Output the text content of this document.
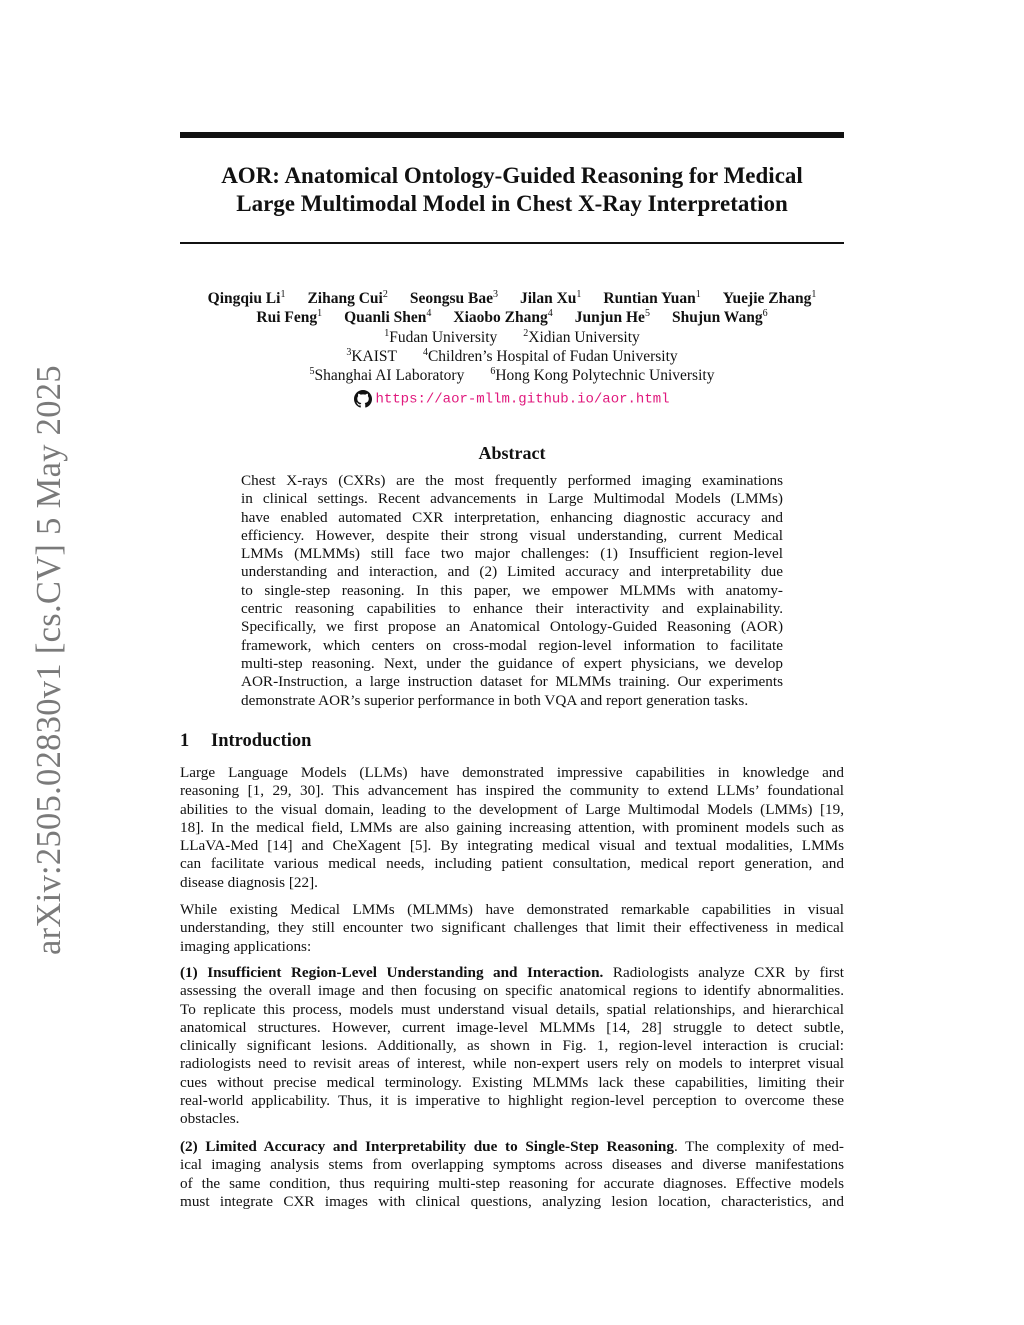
arXiv:2505.02830v1 [cs.CV] 5 May 2025
AOR: Anatomical Ontology-Guided Reasoning for Medical
Large Multimodal Model in Chest X-Ray Interpretation
Qingqiu Li$^1$ Zihang Cui$^2$ Seongsu Bae$^3$ Jilan Xu$^1$ Runtian Yuan$^1$ Yuejie Zhang$^1$
Rui Feng$^1$ Quanli Shen$^4$ Xiaobo Zhang$^4$ Junjun He$^5$ Shujun Wang$^6$
$^1$Fudan University	$^2$Xidian University
$^3$KAIST	$^4$Children’s Hospital of Fudan University
$^5$Shanghai AI Laboratory	$^6$Hong Kong Polytechnic University
https://aor-mllm.github.io/aor.html
Abstract
Chest X-rays (CXRs) are the most frequently performed imaging examinations
in clinical settings. Recent advancements in Large Multimodal Models (LMMs)
have enabled automated CXR interpretation, enhancing diagnostic accuracy and
efficiency. However, despite their strong visual understanding, current Medical
LMMs (MLMMs) still face two major challenges: (1) Insufficient region-level
understanding and interaction, and (2) Limited accuracy and interpretability due
to single-step reasoning. In this paper, we empower MLMMs with anatomy-
centric reasoning capabilities to enhance their interactivity and explainability.
Specifically, we first propose an Anatomical Ontology-Guided Reasoning (AOR)
framework, which centers on cross-modal region-level information to facilitate
multi-step reasoning. Next, under the guidance of expert physicians, we develop
AOR-Instruction, a large instruction dataset for MLMMs training. Our experiments
demonstrate AOR’s superior performance in both VQA and report generation tasks.
1 Introduction
Large Language Models (LLMs) have demonstrated impressive capabilities in knowledge and
reasoning [1, 29, 30]. This advancement has inspired the community to extend LLMs’ foundational
abilities to the visual domain, leading to the development of Large Multimodal Models (LMMs) [19,
18]. In the medical field, LMMs are also gaining increasing attention, with prominent models such as
LLaVA-Med [14] and CheXagent [5]. By integrating medical visual and textual modalities, LMMs
can facilitate various medical needs, including patient consultation, medical report generation, and
disease diagnosis [22].
While existing Medical LMMs (MLMMs) have demonstrated remarkable capabilities in visual
understanding, they still encounter two significant challenges that limit their effectiveness in medical
imaging applications:
(1) Insufficient Region-Level Understanding and Interaction. Radiologists analyze CXR by first
assessing the overall image and then focusing on specific anatomical regions to identify abnormalities.
To replicate this process, models must understand visual details, spatial relationships, and hierarchical
anatomical structures. However, current image-level MLMMs [14, 28] struggle to detect subtle,
clinically significant lesions. Additionally, as shown in Fig. 1, region-level interaction is crucial:
radiologists need to revisit areas of interest, while non-expert users rely on models to interpret visual
cues without precise medical terminology. Existing MLMMs lack these capabilities, limiting their
real-world applicability. Thus, it is imperative to highlight region-level perception to overcome these
obstacles.
(2) Limited Accuracy and Interpretability due to Single-Step Reasoning. The complexity of med-
ical imaging analysis stems from overlapping symptoms across diseases and diverse manifestations
of the same condition, thus requiring multi-step reasoning for accurate diagnoses. Effective models
must integrate CXR images with clinical questions, analyzing lesion location, characteristics, and
